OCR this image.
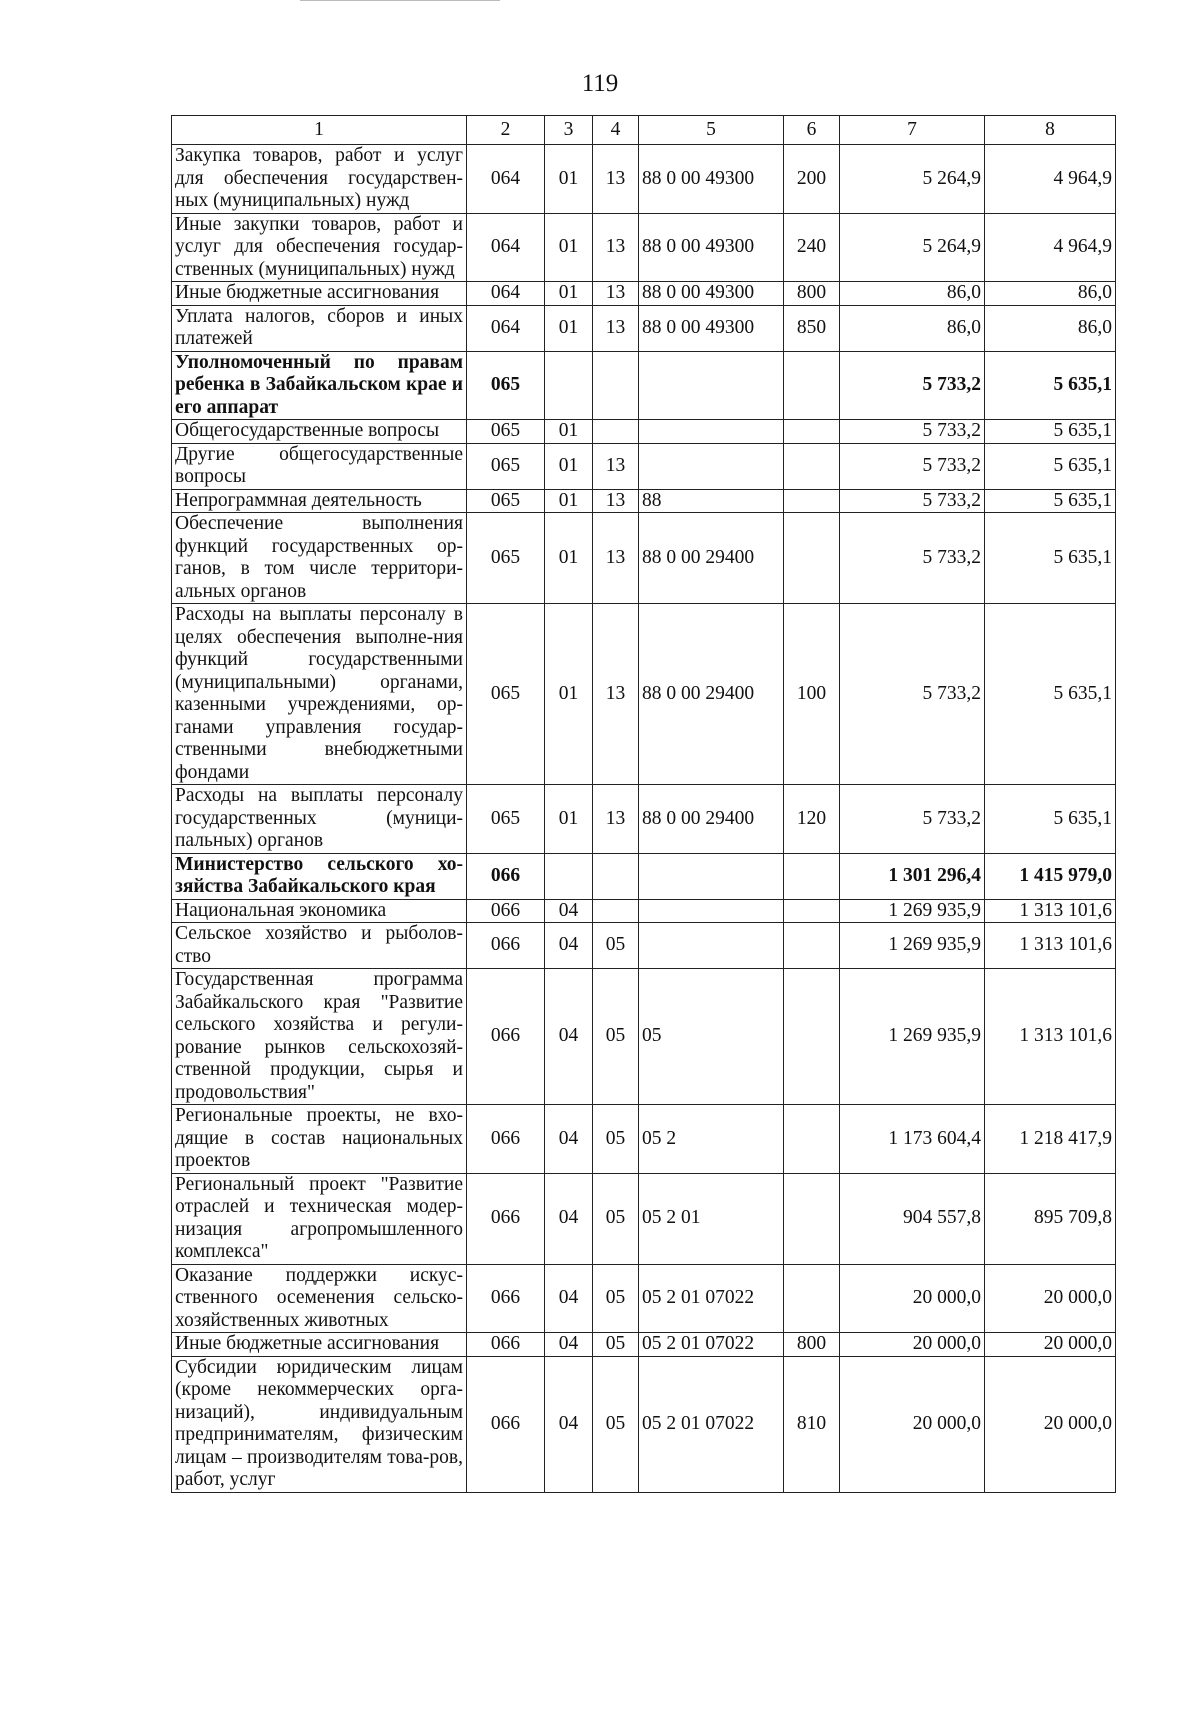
119
1	2	3	4	5	6	7	8
Закупка товаров, работ и услуг для обеспечения государствен-ных (муниципальных) нужд	064	01	13	88 0 00 49300	200	5 264,9	4 964,9
Иные закупки товаров, работ и услуг для обеспечения государ-ственных (муниципальных) нужд	064	01	13	88 0 00 49300	240	5 264,9	4 964,9
Иные бюджетные ассигнования	064	01	13	88 0 00 49300	800	86,0	86,0
Уплата налогов, сборов и иных платежей	064	01	13	88 0 00 49300	850	86,0	86,0
Уполномоченный по правам ребенка в Забайкальском крае и его аппарат	065					5 733,2	5 635,1
Общегосударственные вопросы	065	01				5 733,2	5 635,1
Другие общегосударственные вопросы	065	01	13			5 733,2	5 635,1
Непрограммная деятельность	065	01	13	88		5 733,2	5 635,1
Обеспечение выполнения функций государственных ор-ганов, в том числе территори-альных органов	065	01	13	88 0 00 29400		5 733,2	5 635,1
Расходы на выплаты персоналу в целях обеспечения выполне-ния функций государственными (муниципальными) органами, казенными учреждениями, ор-ганами управления государ-ственными внебюджетными фондами	065	01	13	88 0 00 29400	100	5 733,2	5 635,1
Расходы на выплаты персоналу государственных (муници-пальных) органов	065	01	13	88 0 00 29400	120	5 733,2	5 635,1
Министерство сельского хо-зяйства Забайкальского края	066					1 301 296,4	1 415 979,0
Национальная экономика	066	04				1 269 935,9	1 313 101,6
Сельское хозяйство и рыболов-ство	066	04	05			1 269 935,9	1 313 101,6
Государственная программа Забайкальского края "Развитие сельского хозяйства и регули-рование рынков сельскохозяй-ственной продукции, сырья и продовольствия"	066	04	05	05		1 269 935,9	1 313 101,6
Региональные проекты, не вхо-дящие в состав национальных проектов	066	04	05	05 2		1 173 604,4	1 218 417,9
Региональный проект "Развитие отраслей и техническая модер-низация агропромышленного комплекса"	066	04	05	05 2 01		904 557,8	895 709,8
Оказание поддержки искус-ственного осеменения сельско-хозяйственных животных	066	04	05	05 2 01 07022		20 000,0	20 000,0
Иные бюджетные ассигнования	066	04	05	05 2 01 07022	800	20 000,0	20 000,0
Субсидии юридическим лицам (кроме некоммерческих орга-низаций), индивидуальным предпринимателям, физическим лицам – производителям това-ров, работ, услуг	066	04	05	05 2 01 07022	810	20 000,0	20 000,0
